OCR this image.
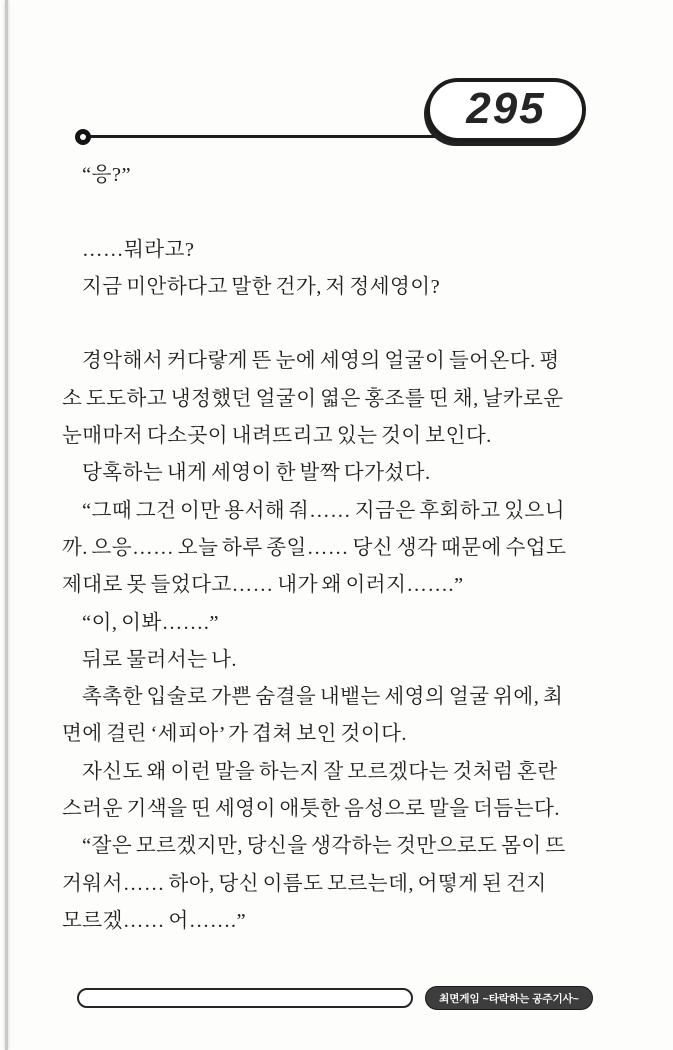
295
“응?”
……뭐라고?
지금 미안하다고 말한 건가, 저 정세영이?
경악해서 커다랗게 뜬 눈에 세영의 얼굴이 들어온다. 평
소 도도하고 냉정했던 얼굴이 엷은 홍조를 띤 채, 날카로운
눈매마저 다소곳이 내려뜨리고 있는 것이 보인다.
당혹하는 내게 세영이 한 발짝 다가섰다.
“그때 그건 이만 용서해 줘…… 지금은 후회하고 있으니
까. 으응…… 오늘 하루 종일…… 당신 생각 때문에 수업도
제대로 못 들었다고…… 내가 왜 이러지…….”
“이, 이봐…….”
뒤로 물러서는 나.
촉촉한 입술로 가쁜 숨결을 내뱉는 세영의 얼굴 위에, 최
면에 걸린 ‘세피아’ 가 겹쳐 보인 것이다.
자신도 왜 이런 말을 하는지 잘 모르겠다는 것처럼 혼란
스러운 기색을 띤 세영이 애틋한 음성으로 말을 더듬는다.
“잘은 모르겠지만, 당신을 생각하는 것만으로도 몸이 뜨
거워서…… 하아, 당신 이름도 모르는데, 어떻게 된 건지
모르겠…… 어…….”
최면게임 ~타락하는 공주기사~
